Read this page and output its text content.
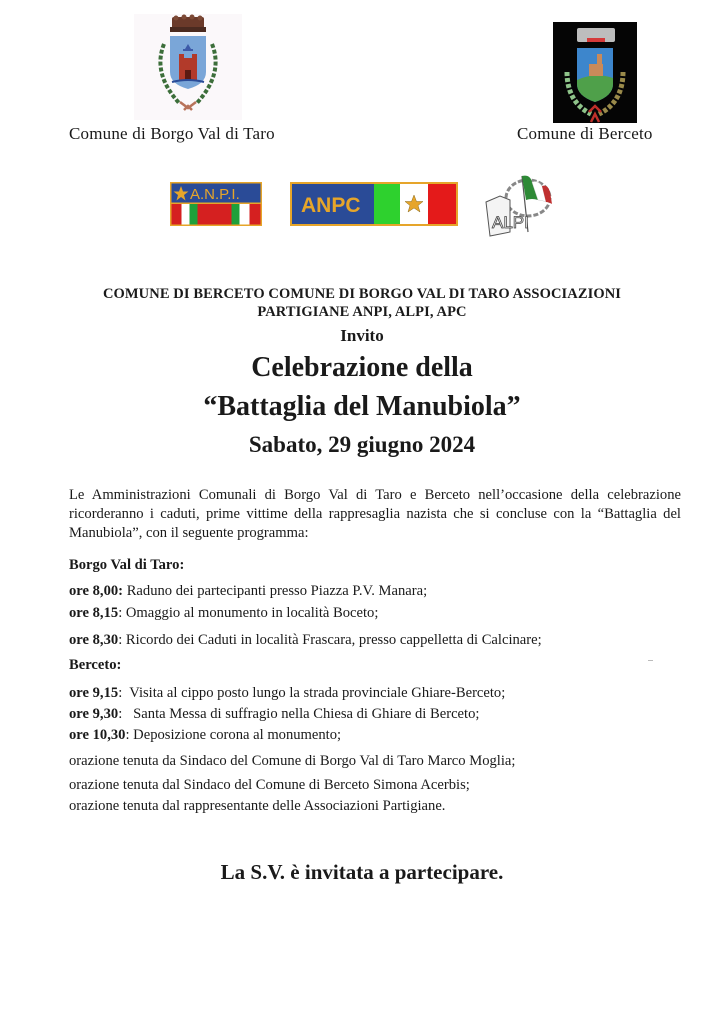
Comune di Borgo Val di Taro	Comune di Berceto
A.N.P.I.	ANPC
ALPI
COMUNE DI BERCETO COMUNE DI BORGO VAL DI TARO ASSOCIAZIONI PARTIGIANE ANPI, ALPI, APC
Invito
Celebrazione della
“Battaglia del Manubiola”
Sabato, 29 giugno 2024
Le Amministrazioni Comunali di Borgo Val di Taro e Berceto nell’occasione della celebrazione ricorderanno i caduti, prime vittime della rappresaglia nazista che si concluse con la “Battaglia del Manubiola”, con il seguente programma:
Borgo Val di Taro:
ore 8,00: Raduno dei partecipanti presso Piazza P.V. Manara;
ore 8,15: Omaggio al monumento in località Boceto;
ore 8,30: Ricordo dei Caduti in località Frascara, presso cappelletta di Calcinare;
Berceto:
ore 9,15:  Visita al cippo posto lungo la strada provinciale Ghiare-Berceto;
ore 9,30:   Santa Messa di suffragio nella Chiesa di Ghiare di Berceto;
ore 10,30: Deposizione corona al monumento;
orazione tenuta da Sindaco del Comune di Borgo Val di Taro Marco Moglia;
orazione tenuta dal Sindaco del Comune di Berceto Simona Acerbis;
orazione tenuta dal rappresentante delle Associazioni Partigiane.
La S.V. è invitata a partecipare.
